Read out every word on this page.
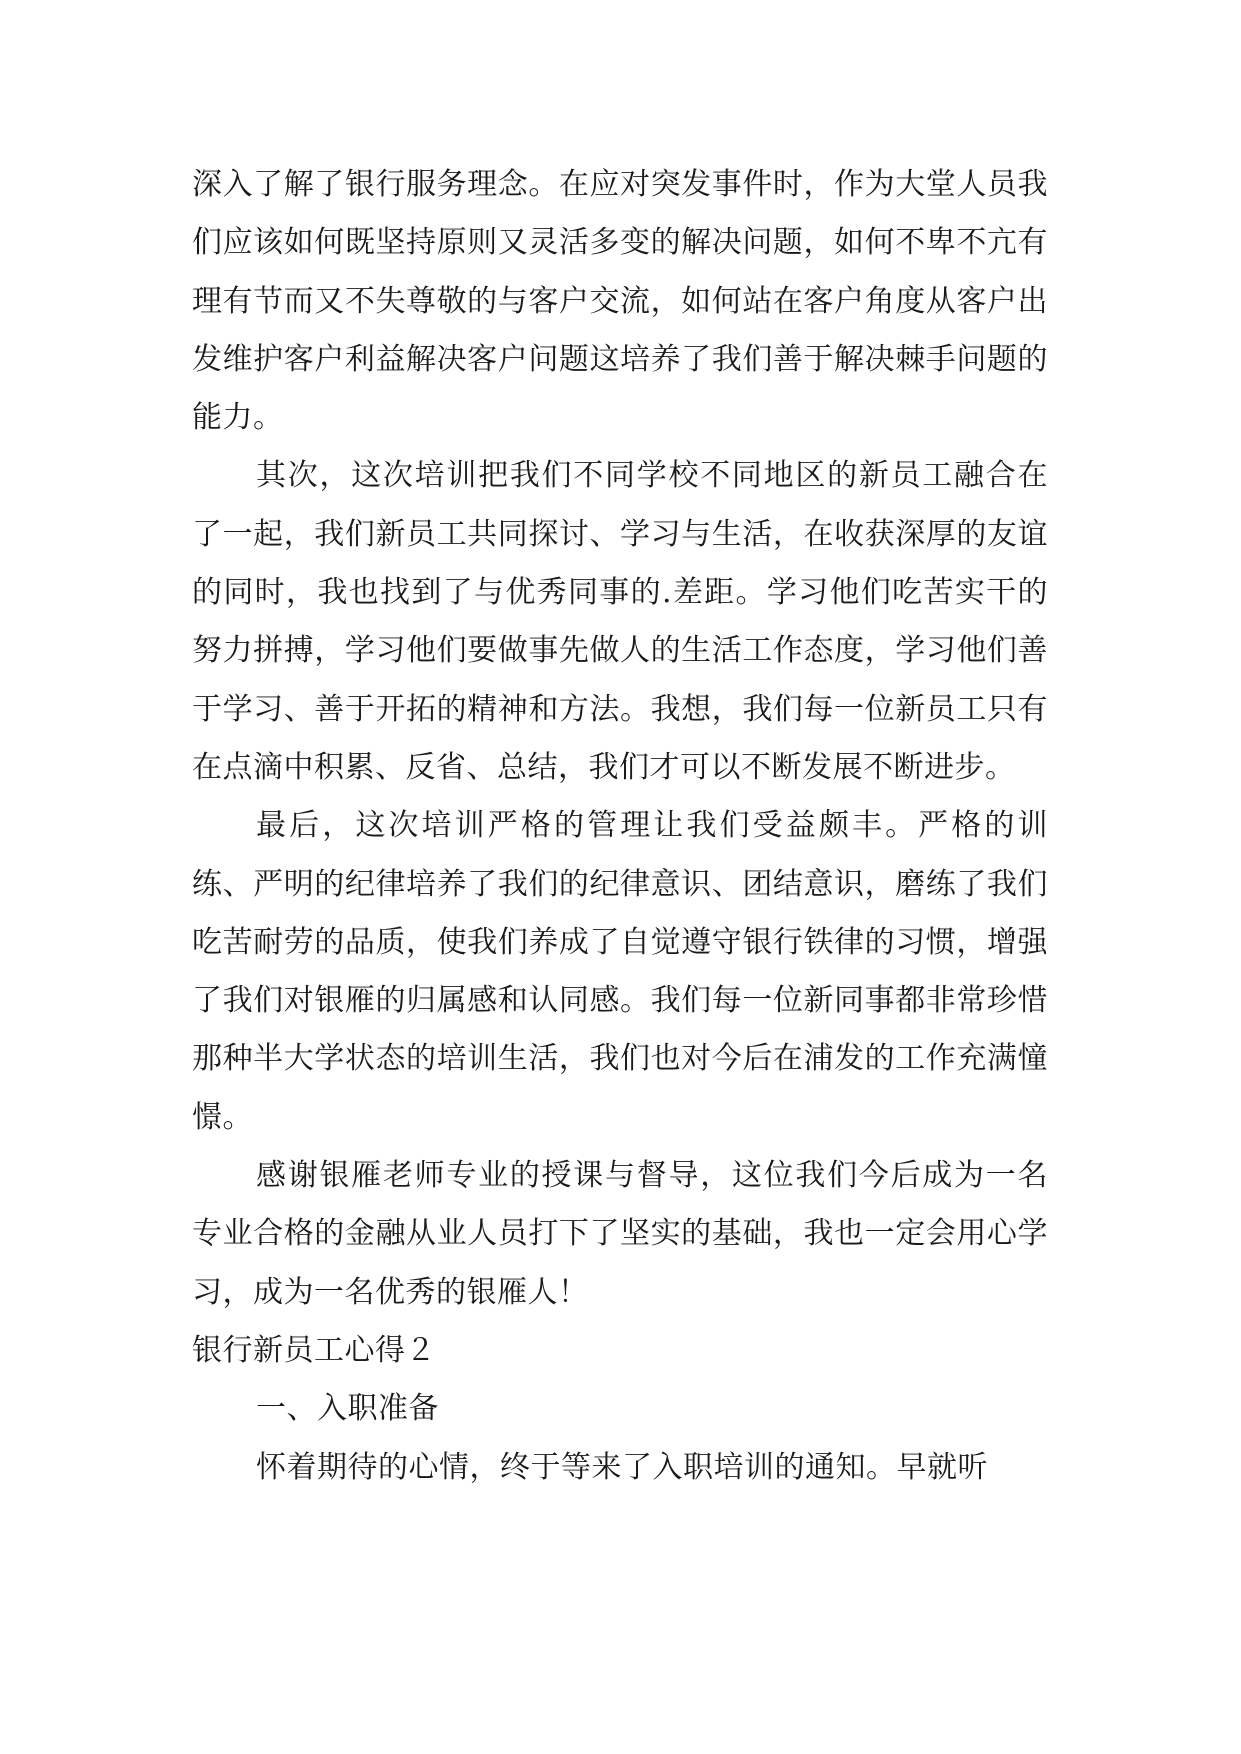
深入了解了银行服务理念。在应对突发事件时，作为大堂人员我们应该如何既坚持原则又灵活多变的解决问题，如何不卑不亢有理有节而又不失尊敬的与客户交流，如何站在客户角度从客户出发维护客户利益解决客户问题这培养了我们善于解决棘手问题的能力。

其次，这次培训把我们不同学校不同地区的新员工融合在了一起，我们新员工共同探讨、学习与生活，在收获深厚的友谊的同时，我也找到了与优秀同事的.差距。学习他们吃苦实干的努力拼搏，学习他们要做事先做人的生活工作态度，学习他们善于学习、善于开拓的精神和方法。我想，我们每一位新员工只有在点滴中积累、反省、总结，我们才可以不断发展不断进步。

最后，这次培训严格的管理让我们受益颇丰。严格的训练、严明的纪律培养了我们的纪律意识、团结意识，磨练了我们吃苦耐劳的品质，使我们养成了自觉遵守银行铁律的习惯，增强了我们对银雁的归属感和认同感。我们每一位新同事都非常珍惜那种半大学状态的培训生活，我们也对今后在浦发的工作充满憧憬。

感谢银雁老师专业的授课与督导，这位我们今后成为一名专业合格的金融从业人员打下了坚实的基础，我也一定会用心学习，成为一名优秀的银雁人！

银行新员工心得２

一、入职准备

怀着期待的心情，终于等来了入职培训的通知。早就听
